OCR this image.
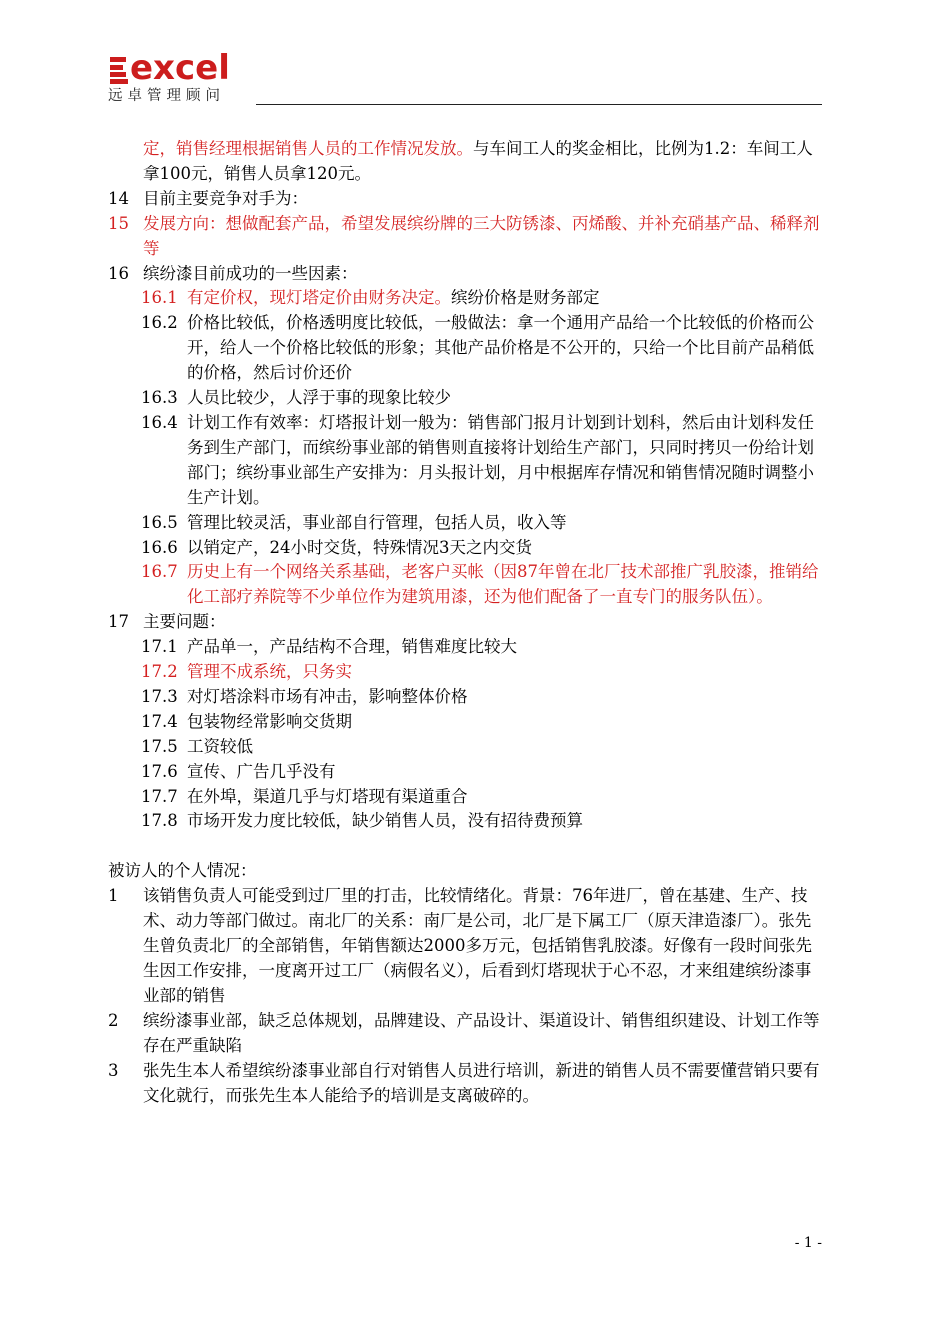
excel
远卓管理顾问
定，销售经理根据销售人员的工作情况发放。与车间工人的奖金相比，比例为1.2：车间工人拿100元，销售人员拿120元。
14 目前主要竞争对手为：
15 发展方向：想做配套产品，希望发展缤纷牌的三大防锈漆、丙烯酸、并补充硝基产品、稀释剂等
16 缤纷漆目前成功的一些因素：
16.1 有定价权，现灯塔定价由财务决定。缤纷价格是财务部定
16.2 价格比较低，价格透明度比较低，一般做法：拿一个通用产品给一个比较低的价格而公开，给人一个价格比较低的形象；其他产品价格是不公开的，只给一个比目前产品稍低的价格，然后讨价还价
16.3 人员比较少，人浮于事的现象比较少
16.4 计划工作有效率：灯塔报计划一般为：销售部门报月计划到计划科，然后由计划科发任务到生产部门，而缤纷事业部的销售则直接将计划给生产部门，只同时拷贝一份给计划部门；缤纷事业部生产安排为：月头报计划，月中根据库存情况和销售情况随时调整小生产计划。
16.5 管理比较灵活，事业部自行管理，包括人员，收入等
16.6 以销定产，24小时交货，特殊情况3天之内交货
16.7 历史上有一个网络关系基础，老客户买帐（因87年曾在北厂技术部推广乳胶漆，推销给化工部疗养院等不少单位作为建筑用漆，还为他们配备了一直专门的服务队伍）。
17 主要问题：
17.1 产品单一，产品结构不合理，销售难度比较大
17.2 管理不成系统，只务实
17.3 对灯塔涂料市场有冲击，影响整体价格
17.4 包装物经常影响交货期
17.5 工资较低
17.6 宣传、广告几乎没有
17.7 在外埠，渠道几乎与灯塔现有渠道重合
17.8 市场开发力度比较低，缺少销售人员，没有招待费预算
被访人的个人情况：
1 该销售负责人可能受到过厂里的打击，比较情绪化。背景：76年进厂，曾在基建、生产、技术、动力等部门做过。南北厂的关系：南厂是公司，北厂是下属工厂（原天津造漆厂）。张先生曾负责北厂的全部销售，年销售额达2000多万元，包括销售乳胶漆。好像有一段时间张先生因工作安排，一度离开过工厂（病假名义），后看到灯塔现状于心不忍，才来组建缤纷漆事业部的销售
2 缤纷漆事业部，缺乏总体规划，品牌建设、产品设计、渠道设计、销售组织建设、计划工作等存在严重缺陷
3 张先生本人希望缤纷漆事业部自行对销售人员进行培训，新进的销售人员不需要懂营销只要有文化就行，而张先生本人能给予的培训是支离破碎的。
- 1 -
